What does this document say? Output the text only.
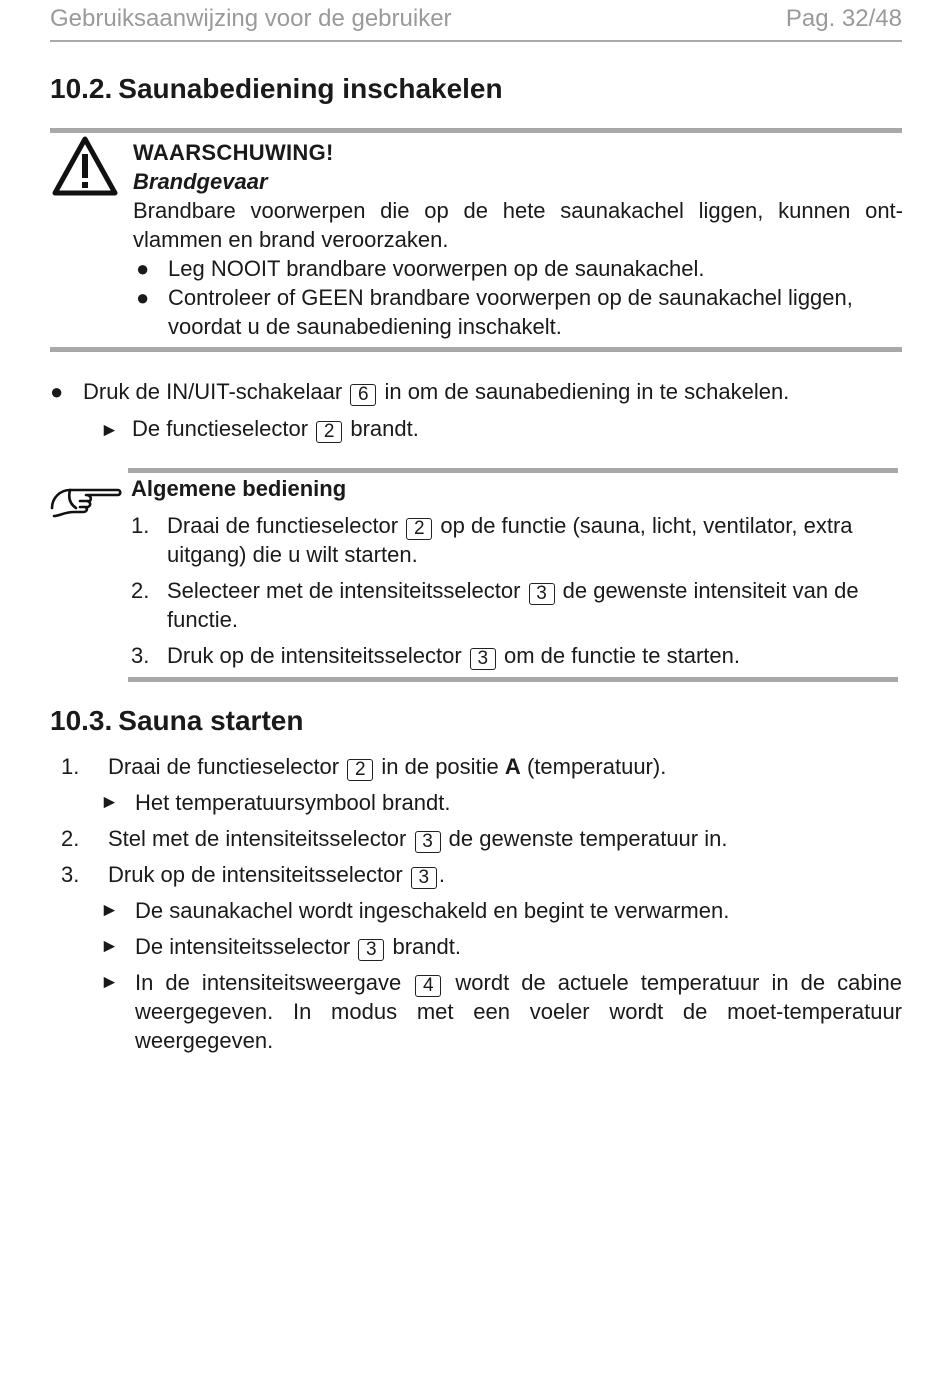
Gebruiksaanwijzing voor de gebruiker	Pag. 32/48
10.2. Saunabediening inschakelen
WAARSCHUWING!
Brandgevaar
Brandbare voorwerpen die op de hete saunakachel liggen, kunnen ont-vlammen en brand veroorzaken.
● Leg NOOIT brandbare voorwerpen op de saunakachel.
● Controleer of GEEN brandbare voorwerpen op de saunakachel liggen, voordat u de saunabediening inschakelt.
● Druk de IN/UIT-schakelaar 6 in om de saunabediening in te schakelen.
► De functieselector 2 brandt.
Algemene bediening
1. Draai de functieselector 2 op de functie (sauna, licht, ventilator, extra uitgang) die u wilt starten.
2. Selecteer met de intensiteitsselector 3 de gewenste intensiteit van de functie.
3. Druk op de intensiteitsselector 3 om de functie te starten.
10.3. Sauna starten
1. Draai de functieselector 2 in de positie A (temperatuur).
► Het temperatuursymbool brandt.
2. Stel met de intensiteitsselector 3 de gewenste temperatuur in.
3. Druk op de intensiteitsselector 3 .
► De saunakachel wordt ingeschakeld en begint te verwarmen.
► De intensiteitsselector 3 brandt.
► In de intensiteitsweergave 4 wordt de actuele temperatuur in de cabine weergegeven. In modus met een voeler wordt de moet-temperatuur weergegeven.
